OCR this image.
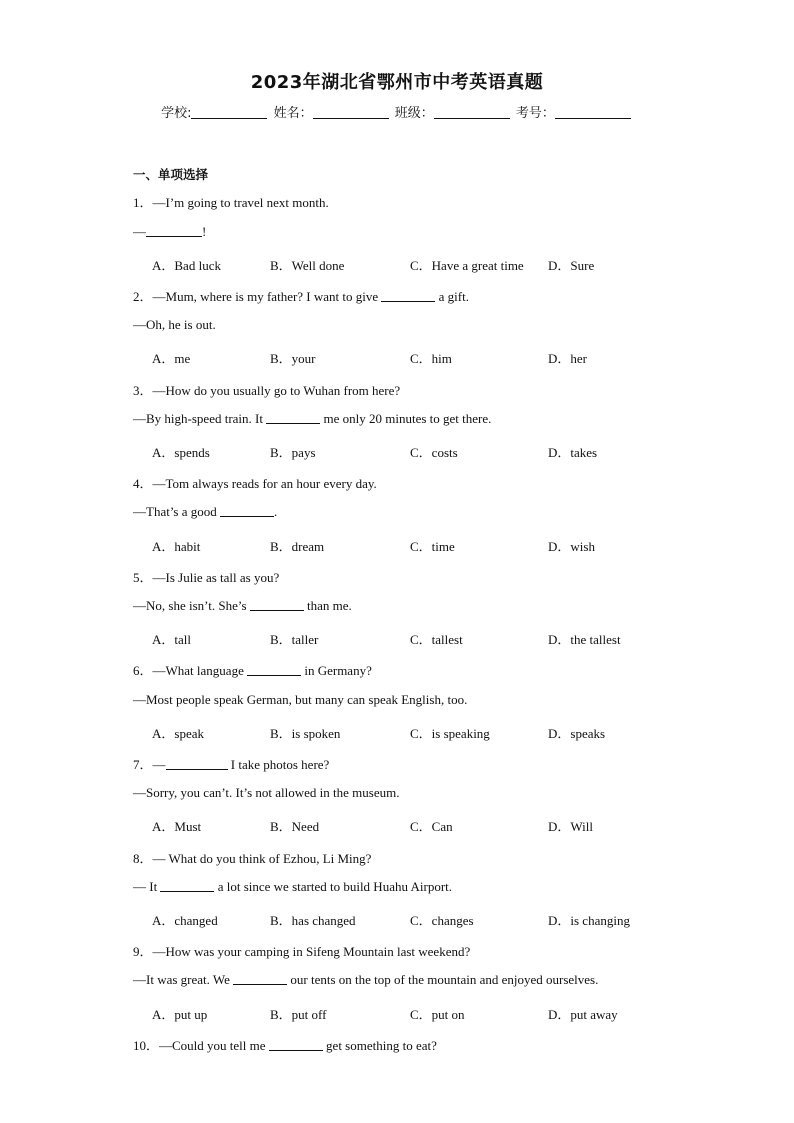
2023年湖北省鄂州市中考英语真题
学校:	姓名：	班级：	考号：
一、单项选择
1．—I’m going to travel next month.
—	!
A．Bad luck	B．Well done	C．Have a great time D．Sure
2．—Mum, where is my father? I want to give	a gift.
—Oh, he is out.
A．me	B．your	C．him	D．her
3．—How do you usually go to Wuhan from here?
—By high-speed train. It	me only 20 minutes to get there.
A．spends	B．pays	C．costs	D．takes
4．—Tom always reads for an hour every day.
—That’s a good	.
A．habit	B．dream	C．time	D．wish
5．—Is Julie as tall as you?
—No, she isn’t. She’s	than me.
A．tall	B．taller	C．tallest	D．the tallest
6．—What language	in Germany?
—Most people speak German, but many can speak English, too.
A．speak	B．is spoken	C．is speaking	D．speaks
7．—	I take photos here?
—Sorry, you can’t. It’s not allowed in the museum.
A．Must	B．Need	C．Can	D．Will
8．— What do you think of Ezhou, Li Ming?
— It	a lot since we started to build Huahu Airport.
A．changed	B．has changed	C．changes	D．is changing
9．—How was your camping in Sifeng Mountain last weekend?
—It was great. We	our tents on the top of the mountain and enjoyed ourselves.
A．put up	B．put off	C．put on	D．put away
10．—Could you tell me	get something to eat?
